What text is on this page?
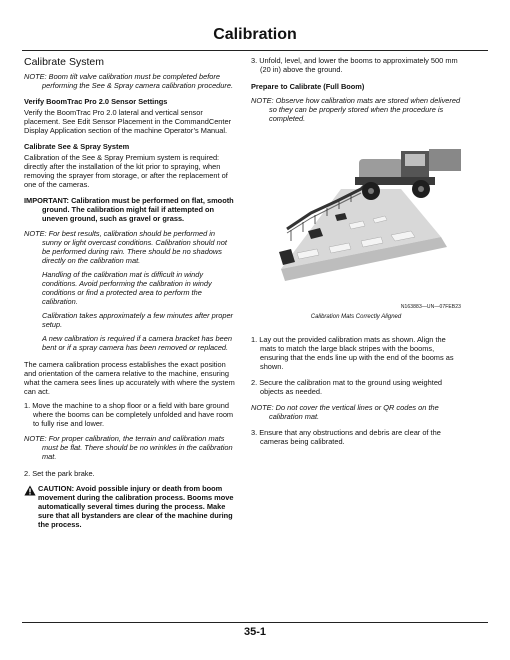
Calibration

Calibrate System

NOTE: Boom tilt valve calibration must be completed before performing the See & Spray camera calibration procedure.

Verify BoomTrac Pro 2.0 Sensor Settings

Verify the BoomTrac Pro 2.0 lateral and vertical sensor placement. See Edit Sensor Placement in the CommandCenter Display Application section of the machine Operator’s Manual.

Calibrate See & Spray System

Calibration of the See & Spray Premium system is required: directly after the installation of the kit prior to spraying, when removing the sprayer from storage, or after the replacement of one of the cameras.

IMPORTANT: Calibration must be performed on flat, smooth ground. The calibration might fail if attempted on uneven ground, such as gravel or grass.

NOTE: For best results, calibration should be performed in sunny or light overcast conditions. Calibration should not be performed during rain. There should be no shadows directly on the calibration mat.

Handling of the calibration mat is difficult in windy conditions. Avoid performing the calibration in windy conditions or find a protected area to perform the calibration.

Calibration takes approximately a few minutes after proper setup.

A new calibration is required if a camera bracket has been bent or if a spray camera has been removed or replaced.

The camera calibration process establishes the exact position and orientation of the camera relative to the machine, ensuring what the camera sees lines up accurately with where the system can act.

1. Move the machine to a shop floor or a field with bare ground where the booms can be completely unfolded and have room to fully rise and lower.

NOTE: For proper calibration, the terrain and calibration mats must be flat. There should be no wrinkles in the calibration mat.

2. Set the park brake.

CAUTION: Avoid possible injury or death from boom movement during the calibration process. Booms move automatically several times during the process. Make sure that all bystanders are clear of the machine during the process.

3. Unfold, level, and lower the booms to approximately 500 mm (20 in) above the ground.

Prepare to Calibrate (Full Boom)

NOTE: Observe how calibration mats are stored when delivered so they can be properly stored when the procedure is completed.

N163883—UN—07FEB23

Calibration Mats Correctly Aligned

1. Lay out the provided calibration mats as shown. Align the mats to match the large black stripes with the booms, ensuring that the ends line up with the end of the booms as shown.

2. Secure the calibration mat to the ground using weighted objects as needed.

NOTE: Do not cover the vertical lines or QR codes on the calibration mat.

3. Ensure that any obstructions and debris are clear of the cameras being calibrated.

35-1
